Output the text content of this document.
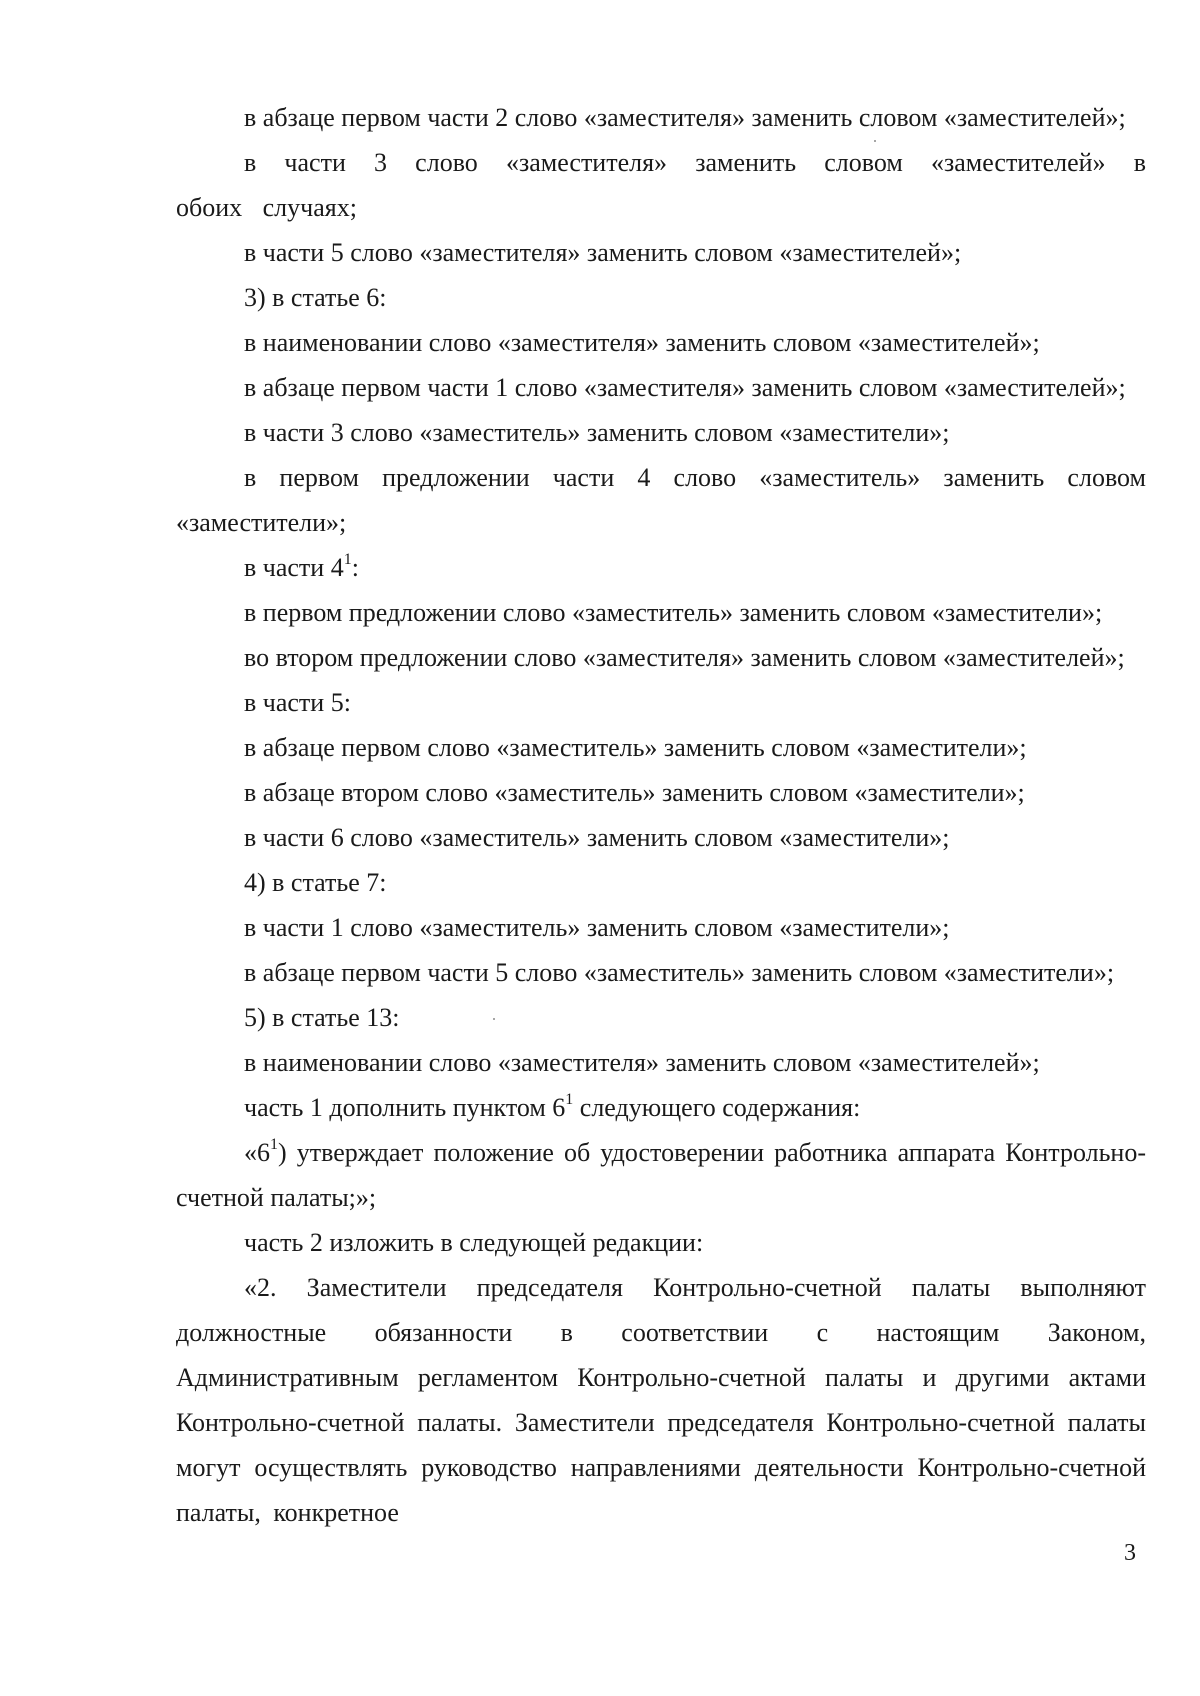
в абзаце первом части 2 слово «заместителя» заменить словом «заместителей»;

в части 3 слово «заместителя» заменить словом «заместителей» в обоих случаях;

в части 5 слово «заместителя» заменить словом «заместителей»;

3) в статье 6:

в наименовании слово «заместителя» заменить словом «заместителей»;

в абзаце первом части 1 слово «заместителя» заменить словом «заместителей»;

в части 3 слово «заместитель» заменить словом «заместители»;

в первом предложении части 4 слово «заместитель» заменить словом «заместители»;

в части $4^1$:

в первом предложении слово «заместитель» заменить словом «заместители»;

во втором предложении слово «заместителя» заменить словом «заместителей»;

в части 5:

в абзаце первом слово «заместитель» заменить словом «заместители»;

в абзаце втором слово «заместитель» заменить словом «заместители»;

в части 6 слово «заместитель» заменить словом «заместители»;

4) в статье 7:

в части 1 слово «заместитель» заменить словом «заместители»;

в абзаце первом части 5 слово «заместитель» заменить словом «заместители»;

5) в статье 13:

в наименовании слово «заместителя» заменить словом «заместителей»;

часть 1 дополнить пунктом $6^1$ следующего содержания:

«$6^1$) утверждает положение об удостоверении работника аппарата Контрольно-счетной палаты;»;

часть 2 изложить в следующей редакции:

«2. Заместители председателя Контрольно-счетной палаты выполняют должностные обязанности в соответствии с настоящим Законом, Административным регламентом Контрольно-счетной палаты и другими актами Контрольно-счетной палаты. Заместители председателя Контрольно-счетной палаты могут осуществлять руководство направлениями деятельности Контрольно-счетной палаты, конкретное

3
